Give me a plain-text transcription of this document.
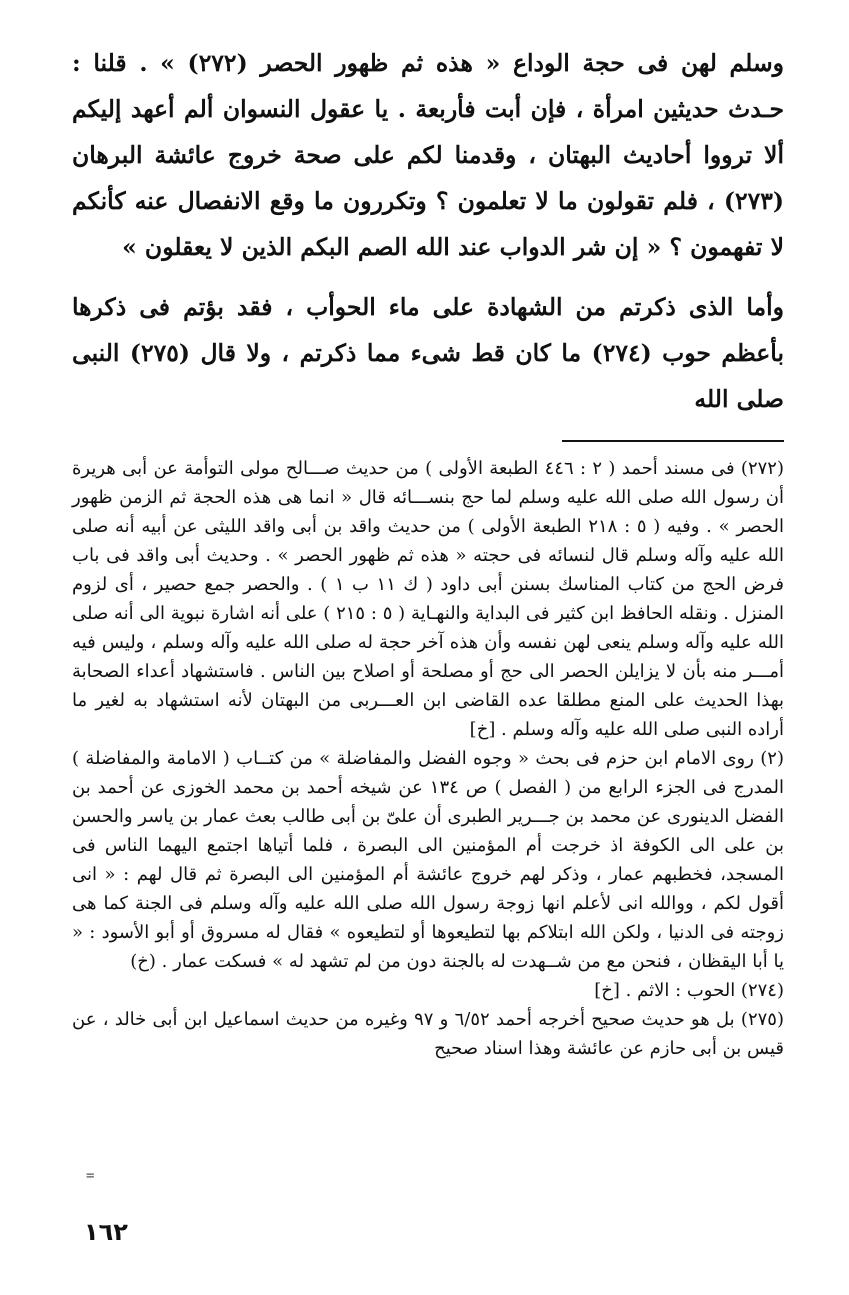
وسلم لهن فى حجة الوداع « هذه ثم ظهور الحصر (٢٧٢) » . قلنا : حـدث حديثين امرأة ، فإن أبت فأربعة . يا عقول النسوان ألم أعهد إليكم ألا ترووا أحاديث البهتان ، وقدمنا لكم على صحة خروج عائشة البرهان (٢٧٣) ، فلم تقولون ما لا تعلمون ؟ وتكررون ما وقع الانفصال عنه كأنكم لا تفهمون ؟ « إن شر الدواب عند الله الصم البكم الذين لا يعقلون »

وأما الذى ذكرتم من الشهادة على ماء الحوأب ، فقد بؤتم فى ذكرها بأعظم حوب (٢٧٤) ما كان قط شىء مما ذكرتم ، ولا قال (٢٧٥) النبى صلى الله

(٢٧٢) فى مسند أحمد ( ٢ : ٤٤٦ الطبعة الأولى ) من حديث صـــالح مولى التوأمة عن أبى هريرة أن رسول الله صلى الله عليه وسلم لما حج بنســـائه قال « انما هى هذه الحجة ثم الزمن ظهور الحصر » . وفيه ( ٥ : ٢١٨ الطبعة الأولى ) من حديث واقد بن أبى واقد الليثى عن أبيه أنه صلى الله عليه وآله وسلم قال لنسائه فى حجته « هذه ثم ظهور الحصر » . وحديث أبى واقد فى باب فرض الحج من كتاب المناسك بسنن أبى داود ( ك ١١ ب ١ ) . والحصر جمع حصير ، أى لزوم المنزل . ونقله الحافظ ابن كثير فى البداية والنهـاية ( ٥ : ٢١٥ ) على أنه اشارة نبوية الى أنه صلى الله عليه وآله وسلم ينعى لهن نفسه وأن هذه آخر حجة له صلى الله عليه وآله وسلم ، وليس فيه أمـــر منه بأن لا يزايلن الحصر الى حج أو مصلحة أو اصلاح بين الناس . فاستشهاد أعداء الصحابة بهذا الحديث على المنع مطلقا عده القاضى ابن العـــربى من البهتان لأنه استشهاد به لغير ما أراده النبى صلى الله عليه وآله وسلم . [خ]

(٢) روى الامام ابن حزم فى بحث « وجوه الفضل والمفاضلة » من كتــاب ( الامامة والمفاضلة ) المدرج فى الجزء الرابع من ( الفصل ) ص ١٣٤ عن شيخه أحمد بن محمد الخوزى عن أحمد بن الفضل الدينورى عن محمد بن جـــرير الطبرى أن علىّ بن أبى طالب بعث عمار بن ياسر والحسن بن على الى الكوفة اذ خرجت أم المؤمنين الى البصرة ، فلما أتياها اجتمع اليهما الناس فى المسجد، فخطبهم عمار ، وذكر لهم خروج عائشة أم المؤمنين الى البصرة ثم قال لهم : « انى أقول لكم ، ووالله انى لأعلم انها زوجة رسول الله صلى الله عليه وآله وسلم فى الجنة كما هى زوجته فى الدنيا ، ولكن الله ابتلاكم بها لتطيعوها أو لتطيعوه » فقال له مسروق أو أبو الأسود : « يا أبا اليقظان ، فنحن مع من شــهدت له بالجنة دون من لم تشهد له » فسكت عمار . (خ)

(٢٧٤) الحوب : الاثم . [خ]

(٢٧٥) بل هو حديث صحيح أخرجه أحمد ٦/٥٢ و ٩٧ وغيره من حديث اسماعيل ابن أبى خالد ، عن قيس بن أبى حازم عن عائشة وهذا اسناد صحيح

=
١٦٢
